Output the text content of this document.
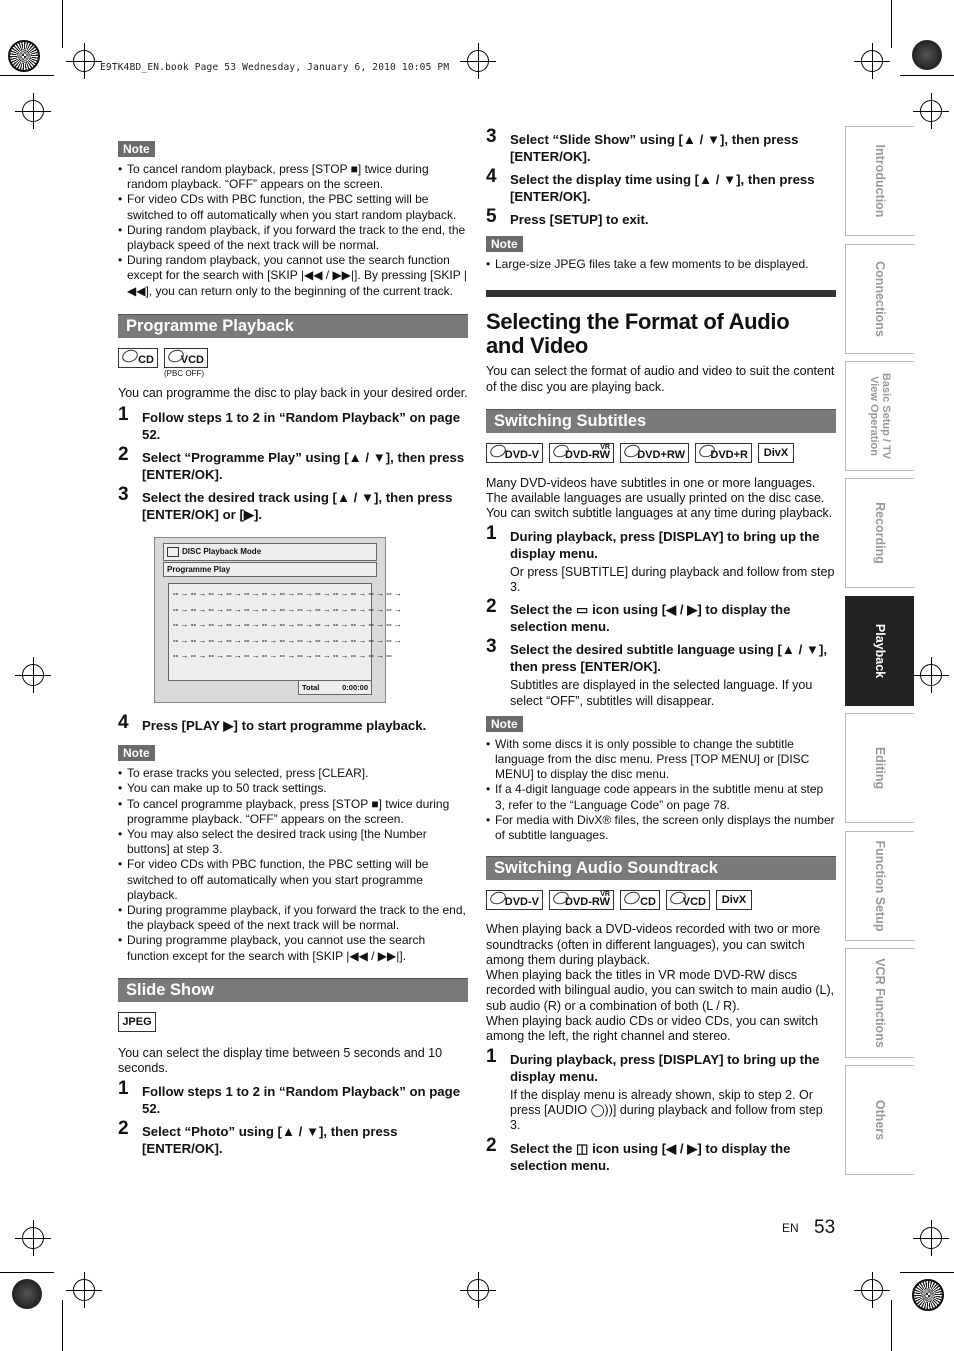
E9TK4BD_EN.book Page 53 Wednesday, January 6, 2010 10:05 PM
Note
• To cancel random playback, press [STOP ■] twice during random playback. “OFF” appears on the screen.
• For video CDs with PBC function, the PBC setting will be switched to off automatically when you start random playback.
• During random playback, if you forward the track to the end, the playback speed of the next track will be normal.
• During random playback, you cannot use the search function except for the search with [SKIP |◀◀ / ▶▶|]. By pressing [SKIP |◀◀], you can return only to the beginning of the current track.
Programme Playback
CD VCD
(PBC OFF)

You can programme the disc to play back in your desired order.

1 Follow steps 1 to 2 in “Random Playback” on page 52.
2 Select “Programme Play” using [▲ / ▼], then press [ENTER/OK].
3 Select the desired track using [▲ / ▼], then press [ENTER/OK] or [▶].
DISC Playback Mode
Programme Play
-- → -- → -- → -- → -- → -- → -- → -- → -- → -- → -- → -- → -- →
-- → -- → -- → -- → -- → -- → -- → -- → -- → -- → -- → -- → -- →
-- → -- → -- → -- → -- → -- → -- → -- → -- → -- → -- → -- → -- →
-- → -- → -- → -- → -- → -- → -- → -- → -- → -- → -- → -- → -- →
-- → -- → -- → -- → -- → -- → -- → -- → -- → -- → -- → -- → --
Total	0:00:00
4 Press [PLAY ▶] to start programme playback.
Note
• To erase tracks you selected, press [CLEAR].
• You can make up to 50 track settings.
• To cancel programme playback, press [STOP ■] twice during programme playback. “OFF” appears on the screen.
• You may also select the desired track using [the Number buttons] at step 3.
• For video CDs with PBC function, the PBC setting will be switched to off automatically when you start programme playback.
• During programme playback, if you forward the track to the end, the playback speed of the next track will be normal.
• During programme playback, you cannot use the search function except for the search with [SKIP |◀◀ / ▶▶|].
Slide Show
JPEG

You can select the display time between 5 seconds and 10 seconds.

1 Follow steps 1 to 2 in “Random Playback” on page 52.
2 Select “Photo” using [▲ / ▼], then press [ENTER/OK].
3 Select “Slide Show” using [▲ / ▼], then press [ENTER/OK].
4 Select the display time using [▲ / ▼], then press [ENTER/OK].
5 Press [SETUP] to exit.
Note
• Large-size JPEG files take a few moments to be displayed.
Selecting the Format of Audio and Video

You can select the format of audio and video to suit the content of the disc you are playing back.

Switching Subtitles
DVD-V
VR
DVD-RW DVD+RW DVD+R	DivX

Many DVD-videos have subtitles in one or more languages. The available languages are usually printed on the disc case. You can switch subtitle languages at any time during playback.

1 During playback, press [DISPLAY] to bring up the display menu.
Or press [SUBTITLE] during playback and follow from step 3.
2 Select the ▭ icon using [◀ / ▶] to display the selection menu.
3 Select the desired subtitle language using [▲ / ▼], then press [ENTER/OK].
Subtitles are displayed in the selected language. If you select “OFF”, subtitles will disappear.
Note
• With some discs it is only possible to change the subtitle language from the disc menu. Press [TOP MENU] or [DISC MENU] to display the disc menu.
• If a 4-digit language code appears in the subtitle menu at step 3, refer to the “Language Code” on page 78.
• For media with DivX® files, the screen only displays the number of subtitle languages.
Switching Audio Soundtrack
DVD-V
VR
DVD-RW	CD VCD	DivX

When playing back a DVD-videos recorded with two or more soundtracks (often in different languages), you can switch among them during playback.
When playing back the titles in VR mode DVD-RW discs recorded with bilingual audio, you can switch to main audio (L), sub audio (R) or a combination of both (L / R).
When playing back audio CDs or video CDs, you can switch among the left, the right channel and stereo.

1 During playback, press [DISPLAY] to bring up the display menu.
If the display menu is already shown, skip to step 2. Or press [AUDIO ◯))] during playback and follow from step 3.
2 Select the ◫ icon using [◀ / ▶] to display the selection menu.
Introduction
Connections
Basic Setup / TV View Operation
Recording
Playback
Editing
Function Setup
VCR Functions
Others
EN 53
